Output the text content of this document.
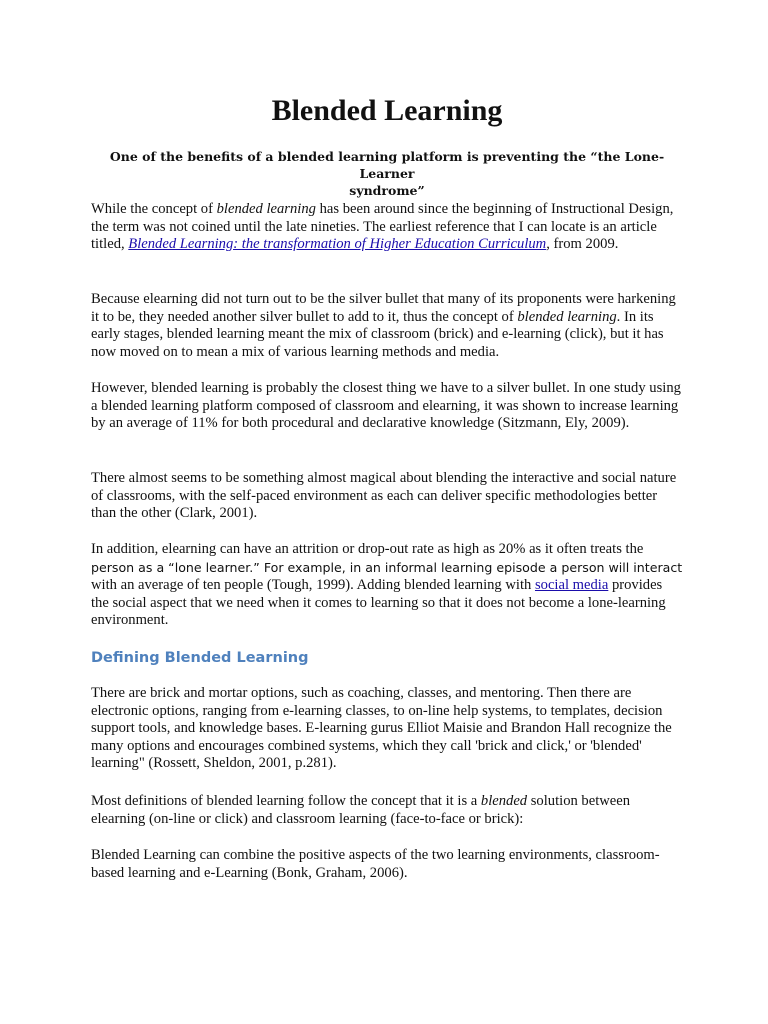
Blended Learning
One of the benefits of a blended learning platform is preventing the “the Lone-Learner
syndrome”

While the concept of blended learning has been around since the beginning of Instructional Design, the term was not coined until the late nineties. The earliest reference that I can locate is an article titled, Blended Learning: the transformation of Higher Education Curriculum, from 2009.

Because elearning did not turn out to be the silver bullet that many of its proponents were harkening it to be, they needed another silver bullet to add to it, thus the concept of blended learning. In its early stages, blended learning meant the mix of classroom (brick) and e-learning (click), but it has now moved on to mean a mix of various learning methods and media.

However, blended learning is probably the closest thing we have to a silver bullet. In one study using a blended learning platform composed of classroom and elearning, it was shown to increase learning by an average of 11% for both procedural and declarative knowledge (Sitzmann, Ely, 2009).

There almost seems to be something almost magical about blending the interactive and social nature of classrooms, with the self-paced environment as each can deliver specific methodologies better than the other (Clark, 2001).

In addition, elearning can have an attrition or drop-out rate as high as 20% as it often treats the
person as a “lone learner.” For example, in an informal learning episode a person will interact
with an average of ten people (Tough, 1999). Adding blended learning with social media provides the social aspect that we need when it comes to learning so that it does not become a lone-learning environment.

Defining Blended Learning

There are brick and mortar options, such as coaching, classes, and mentoring. Then there are electronic options, ranging from e-learning classes, to on-line help systems, to templates, decision support tools, and knowledge bases. E-learning gurus Elliot Maisie and Brandon Hall recognize the many options and encourages combined systems, which they call 'brick and click,' or 'blended' learning" (Rossett, Sheldon, 2001, p.281).

Most definitions of blended learning follow the concept that it is a blended solution between elearning (on-line or click) and classroom learning (face-to-face or brick):

Blended Learning can combine the positive aspects of the two learning environments, classroom-based learning and e-Learning (Bonk, Graham, 2006).
